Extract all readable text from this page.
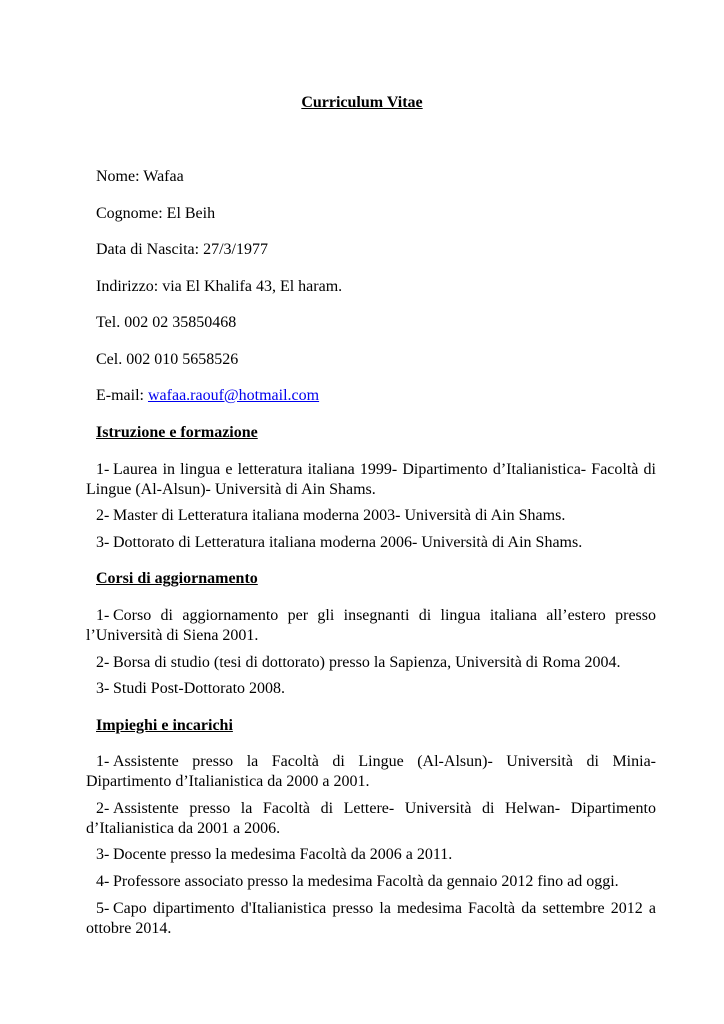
Curriculum Vitae
Nome: Wafaa
Cognome: El Beih
Data di Nascita: 27/3/1977
Indirizzo: via El Khalifa 43, El haram.
Tel. 002 02 35850468
Cel. 002 010 5658526
E-mail: wafaa.raouf@hotmail.com
Istruzione e formazione

1- Laurea in lingua e letteratura italiana 1999- Dipartimento d’Italianistica- Facoltà di Lingue (Al-Alsun)- Università di Ain Shams.

2- Master di Letteratura italiana moderna 2003- Università di Ain Shams.

3- Dottorato di Letteratura italiana moderna 2006- Università di Ain Shams.

Corsi di aggiornamento

1- Corso di aggiornamento per gli insegnanti di lingua italiana all’estero presso l’Università di Siena 2001.

2- Borsa di studio (tesi di dottorato) presso la Sapienza, Università di Roma 2004.

3- Studi Post-Dottorato 2008.

Impieghi e incarichi

1- Assistente presso la Facoltà di Lingue (Al-Alsun)- Università di Minia- Dipartimento d’Italianistica da 2000 a 2001.

2- Assistente presso la Facoltà di Lettere- Università di Helwan- Dipartimento d’Italianistica da 2001 a 2006.

3- Docente presso la medesima Facoltà da 2006 a 2011.

4- Professore associato presso la medesima Facoltà da gennaio 2012 fino ad oggi.

5- Capo dipartimento d'Italianistica presso la medesima Facoltà da settembre 2012 a ottobre 2014.
